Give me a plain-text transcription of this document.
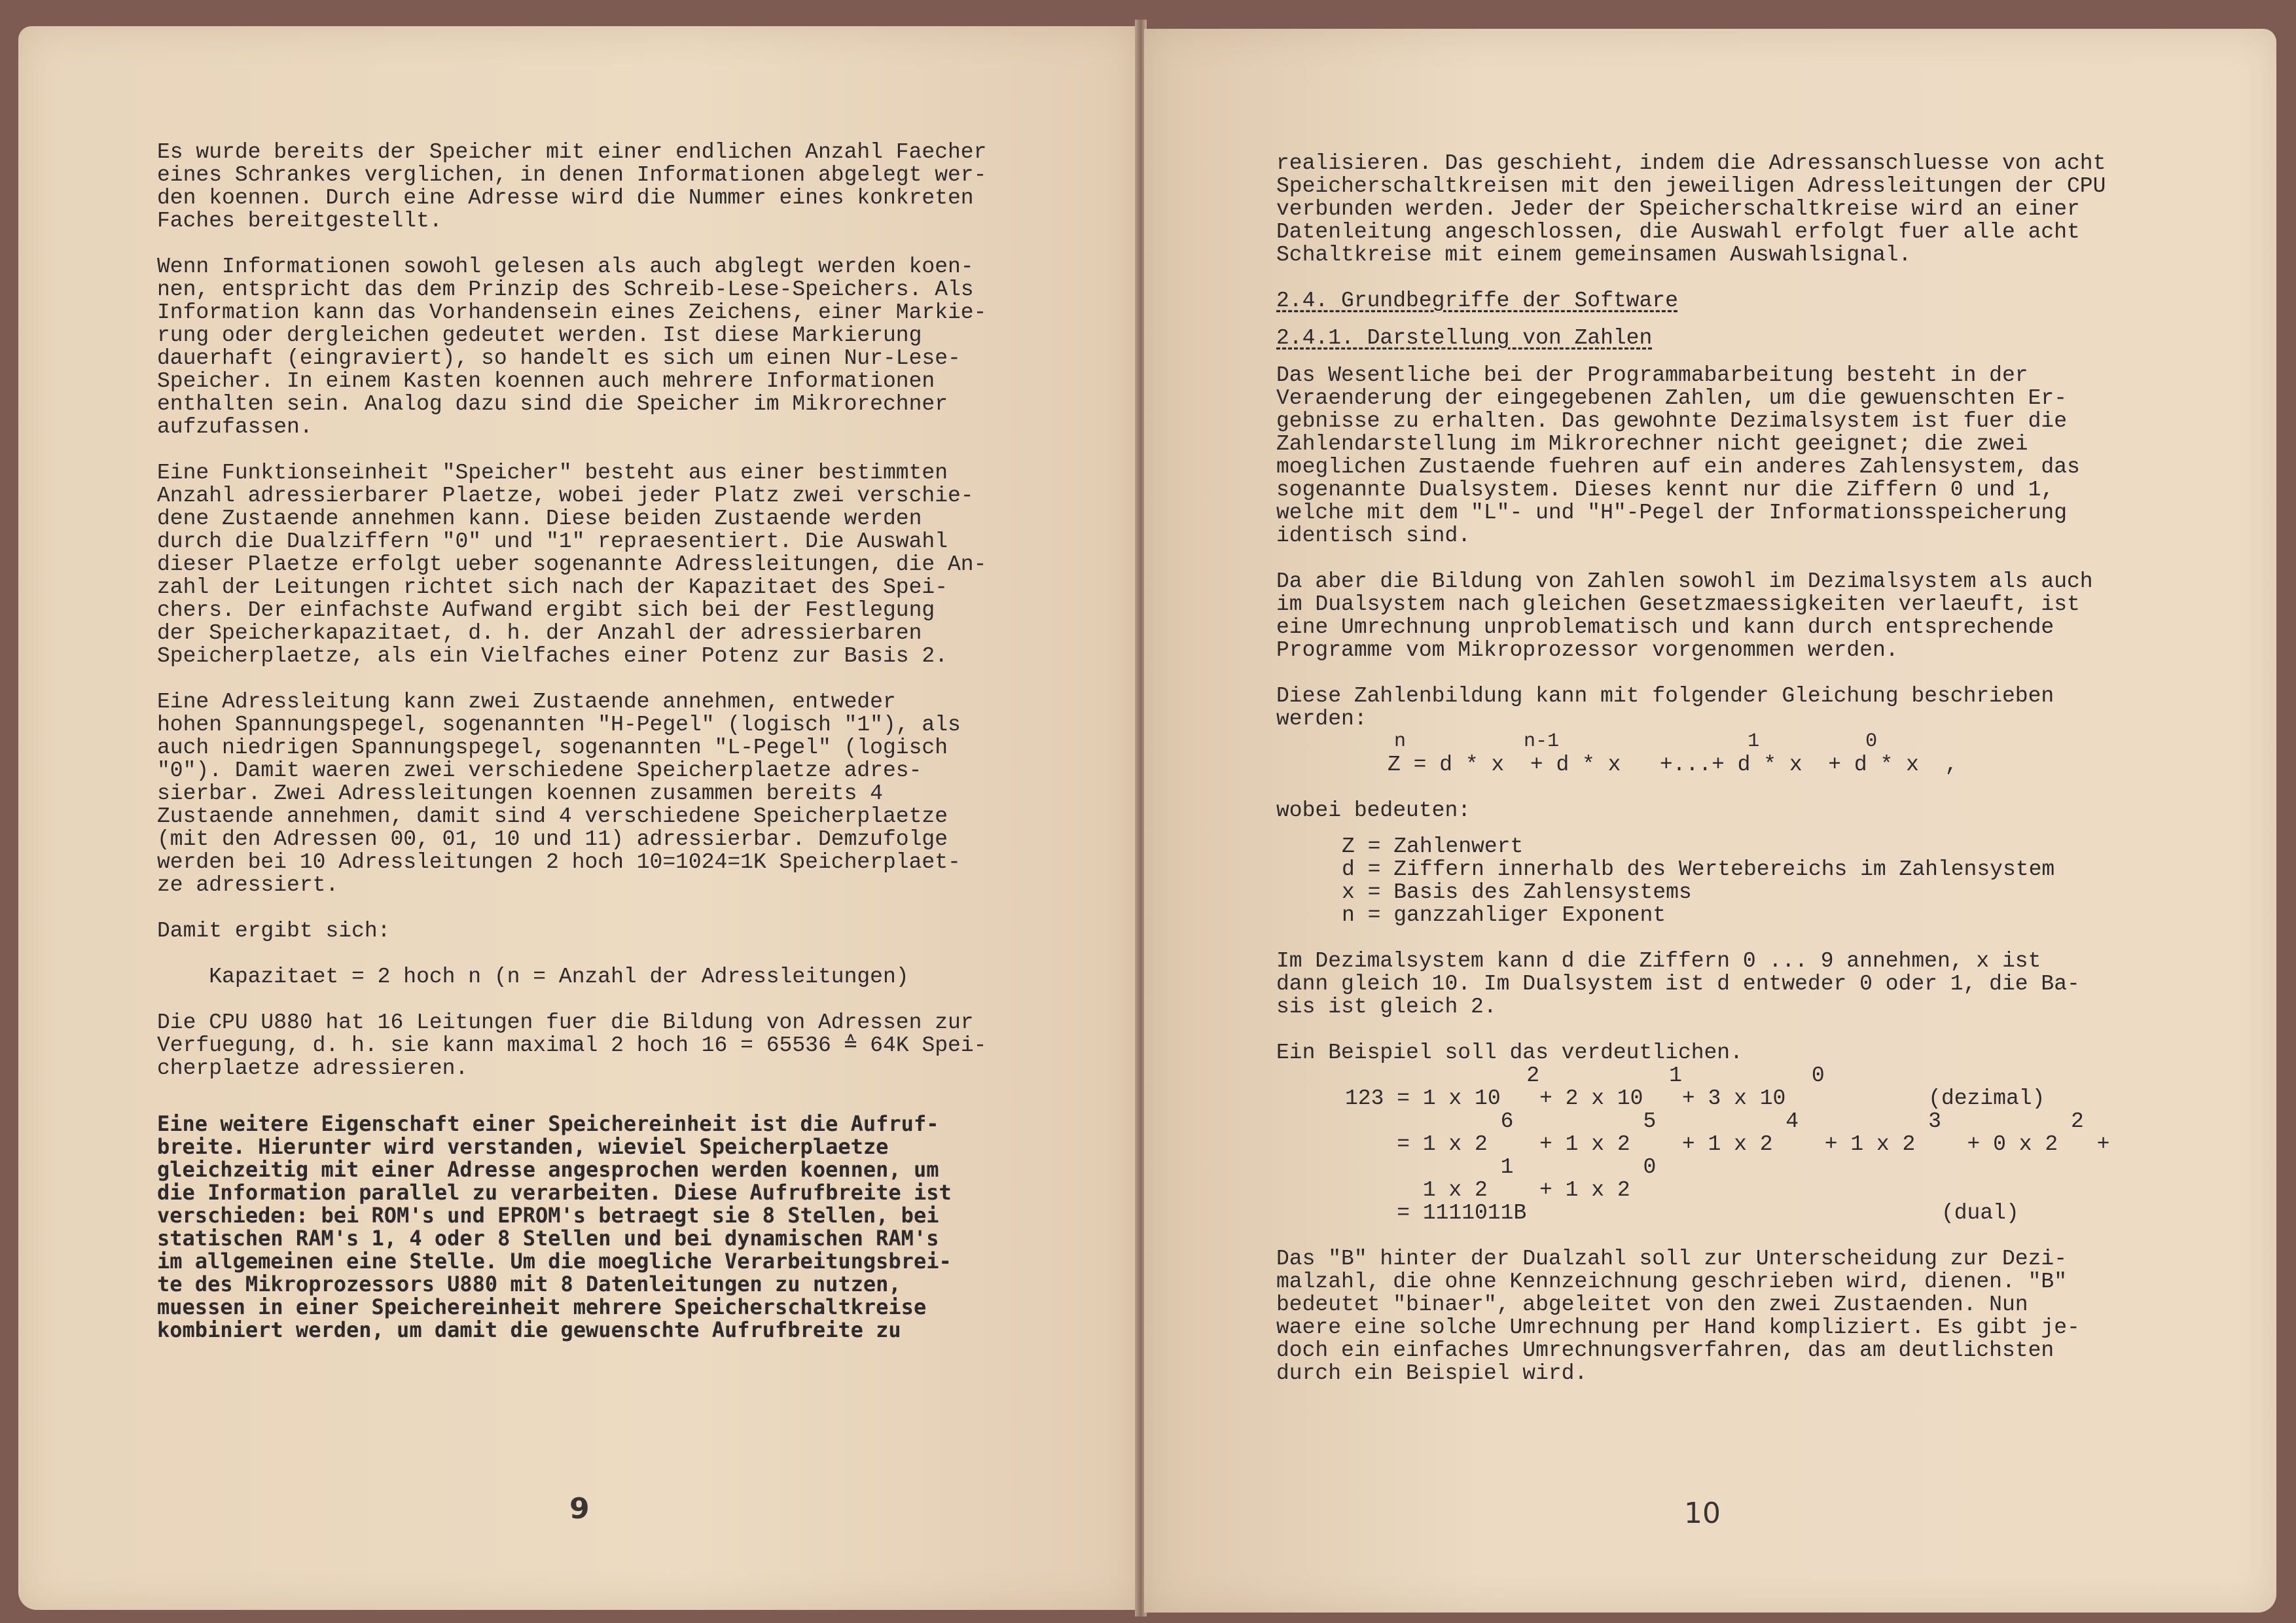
Es wurde bereits der Speicher mit einer endlichen Anzahl Faecher
eines Schrankes verglichen, in denen Informationen abgelegt wer-
den koennen. Durch eine Adresse wird die Nummer eines konkreten
Faches bereitgestellt.

Wenn Informationen sowohl gelesen als auch abglegt werden koen-
nen, entspricht das dem Prinzip des Schreib-Lese-Speichers. Als
Information kann das Vorhandensein eines Zeichens, einer Markie-
rung oder dergleichen gedeutet werden. Ist diese Markierung
dauerhaft (eingraviert), so handelt es sich um einen Nur-Lese-
Speicher. In einem Kasten koennen auch mehrere Informationen
enthalten sein. Analog dazu sind die Speicher im Mikrorechner
aufzufassen.

Eine Funktionseinheit "Speicher" besteht aus einer bestimmten
Anzahl adressierbarer Plaetze, wobei jeder Platz zwei verschie-
dene Zustaende annehmen kann. Diese beiden Zustaende werden
durch die Dualziffern "0" und "1" repraesentiert. Die Auswahl
dieser Plaetze erfolgt ueber sogenannte Adressleitungen, die An-
zahl der Leitungen richtet sich nach der Kapazitaet des Spei-
chers. Der einfachste Aufwand ergibt sich bei der Festlegung
der Speicherkapazitaet, d. h. der Anzahl der adressierbaren
Speicherplaetze, als ein Vielfaches einer Potenz zur Basis 2.

Eine Adressleitung kann zwei Zustaende annehmen, entweder
hohen Spannungspegel, sogenannten "H-Pegel" (logisch "1"), als
auch niedrigen Spannungspegel, sogenannten "L-Pegel" (logisch
"0"). Damit waeren zwei verschiedene Speicherplaetze adres-
sierbar. Zwei Adressleitungen koennen zusammen bereits 4
Zustaende annehmen, damit sind 4 verschiedene Speicherplaetze
(mit den Adressen 00, 01, 10 und 11) adressierbar. Demzufolge
werden bei 10 Adressleitungen 2 hoch 10=1024=1K Speicherplaet-
ze adressiert.

Damit ergibt sich:

Kapazitaet = 2 hoch n (n = Anzahl der Adressleitungen)

Die CPU U880 hat 16 Leitungen fuer die Bildung von Adressen zur
Verfuegung, d. h. sie kann maximal 2 hoch 16 = 65536 ≙ 64K Spei-
cherplaetze adressieren.

Eine weitere Eigenschaft einer Speichereinheit ist die Aufruf-
breite. Hierunter wird verstanden, wieviel Speicherplaetze
gleichzeitig mit einer Adresse angesprochen werden koennen, um
die Information parallel zu verarbeiten. Diese Aufrufbreite ist
verschieden: bei ROM's und EPROM's betraegt sie 8 Stellen, bei
statischen RAM's 1, 4 oder 8 Stellen und bei dynamischen RAM's
im allgemeinen eine Stelle. Um die moegliche Verarbeitungsbrei-
te des Mikroprozessors U880 mit 8 Datenleitungen zu nutzen,
muessen in einer Speichereinheit mehrere Speicherschaltkreise
kombiniert werden, um damit die gewuenschte Aufrufbreite zu
9

realisieren. Das geschieht, indem die Adressanschluesse von acht
Speicherschaltkreisen mit den jeweiligen Adressleitungen der CPU
verbunden werden. Jeder der Speicherschaltkreise wird an einer
Datenleitung angeschlossen, die Auswahl erfolgt fuer alle acht
Schaltkreise mit einem gemeinsamen Auswahlsignal.

2.4. Grundbegriffe der Software
2.4.1. Darstellung von Zahlen

Das Wesentliche bei der Programmabarbeitung besteht in der
Veraenderung der eingegebenen Zahlen, um die gewuenschten Er-
gebnisse zu erhalten. Das gewohnte Dezimalsystem ist fuer die
Zahlendarstellung im Mikrorechner nicht geeignet; die zwei
moeglichen Zustaende fuehren auf ein anderes Zahlensystem, das
sogenannte Dualsystem. Dieses kennt nur die Ziffern 0 und 1,
welche mit dem "L"- und "H"-Pegel der Informationsspeicherung
identisch sind.

Da aber die Bildung von Zahlen sowohl im Dezimalsystem als auch
im Dualsystem nach gleichen Gesetzmaessigkeiten verlaeuft, ist
eine Umrechnung unproblematisch und kann durch entsprechende
Programme vom Mikroprozessor vorgenommen werden.

Diese Zahlenbildung kann mit folgender Gleichung beschrieben
werden:

n          n-1                1         0
Z = d * x  + d * x   +...+ d * x  + d * x  ,

wobei bedeuten:

Z = Zahlenwert
d = Ziffern innerhalb des Wertebereichs im Zahlensystem
x = Basis des Zahlensystems
n = ganzzahliger Exponent

Im Dezimalsystem kann d die Ziffern 0 ... 9 annehmen, x ist
dann gleich 10. Im Dualsystem ist d entweder 0 oder 1, die Ba-
sis ist gleich 2.

Ein Beispiel soll das verdeutlichen.

2          1          0
123 = 1 x 10   + 2 x 10   + 3 x 10           (dezimal)
6          5          4          3          2
= 1 x 2    + 1 x 2    + 1 x 2    + 1 x 2    + 0 x 2   +
1          0
1 x 2    + 1 x 2
= 1111011B                                (dual)

Das "B" hinter der Dualzahl soll zur Unterscheidung zur Dezi-
malzahl, die ohne Kennzeichnung geschrieben wird, dienen. "B"
bedeutet "binaer", abgeleitet von den zwei Zustaenden. Nun
waere eine solche Umrechnung per Hand kompliziert. Es gibt je-
doch ein einfaches Umrechnungsverfahren, das am deutlichsten
durch ein Beispiel wird.

10
